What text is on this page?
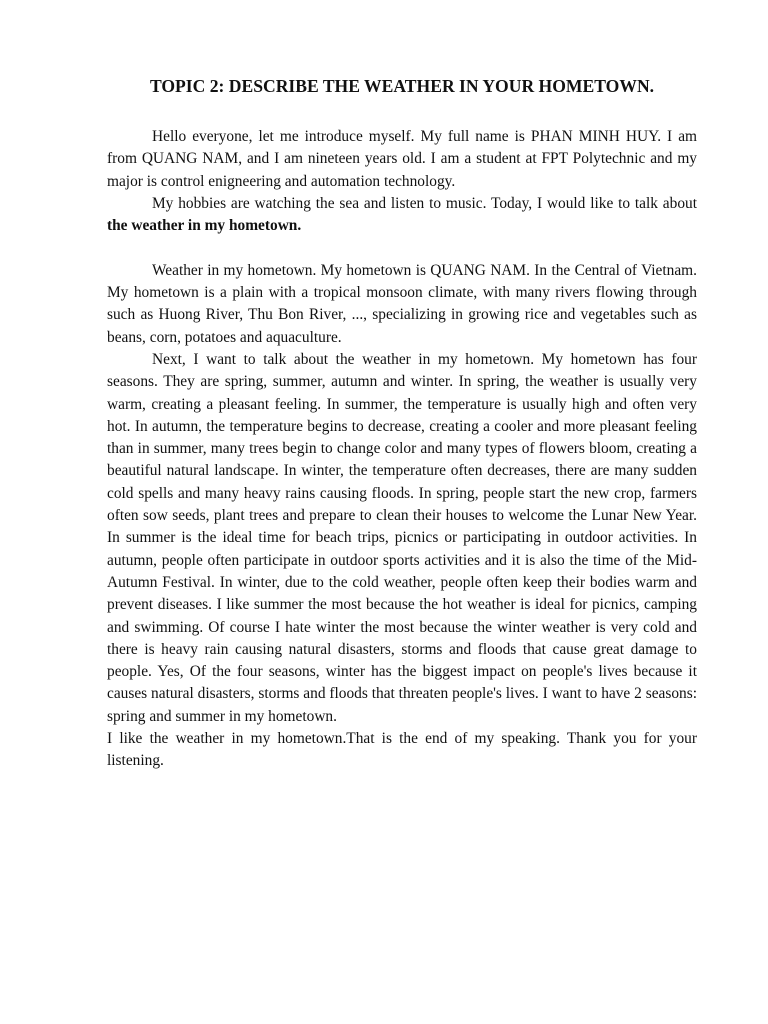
TOPIC 2: DESCRIBE THE WEATHER IN YOUR HOMETOWN.

Hello everyone, let me introduce myself. My full name is PHAN MINH HUY. I am from QUANG NAM, and I am nineteen years old. I am a student at FPT Polytechnic and my major is control enigneering and automation technology.

My hobbies are watching the sea and listen to music. Today, I would like to talk about the weather in my hometown.

Weather in my hometown. My hometown is QUANG NAM. In the Central of Vietnam. My hometown is a plain with a tropical monsoon climate, with many rivers flowing through such as Huong River, Thu Bon River, ..., specializing in growing rice and vegetables such as beans, corn, potatoes and aquaculture.

Next, I want to talk about the weather in my hometown. My hometown has four seasons. They are spring, summer, autumn and winter. In spring, the weather is usually very warm, creating a pleasant feeling. In summer, the temperature is usually high and often very hot. In autumn, the temperature begins to decrease, creating a cooler and more pleasant feeling than in summer, many trees begin to change color and many types of flowers bloom, creating a beautiful natural landscape. In winter, the temperature often decreases, there are many sudden cold spells and many heavy rains causing floods. In spring, people start the new crop, farmers often sow seeds, plant trees and prepare to clean their houses to welcome the Lunar New Year. In summer is the ideal time for beach trips, picnics or participating in outdoor activities. In autumn, people often participate in outdoor sports activities and it is also the time of the Mid-Autumn Festival. In winter, due to the cold weather, people often keep their bodies warm and prevent diseases. I like summer the most because the hot weather is ideal for picnics, camping and swimming. Of course I hate winter the most because the winter weather is very cold and there is heavy rain causing natural disasters, storms and floods that cause great damage to people. Yes, Of the four seasons, winter has the biggest impact on people's lives because it causes natural disasters, storms and floods that threaten people's lives. I want to have 2 seasons: spring and summer in my hometown.

I like the weather in my hometown.That is the end of my speaking. Thank you for your listening.
